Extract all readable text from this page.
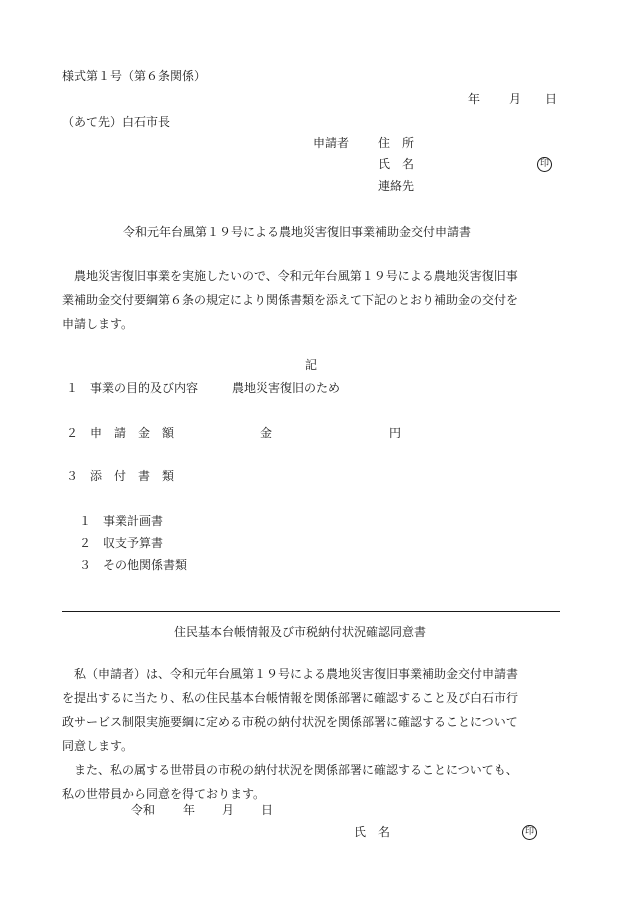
様式第１号（第６条関係）
年 月 日
（あて先）白石市長
申請者 住　所
氏　名	印
連絡先
令和元年台風第１９号による農地災害復旧事業補助金交付申請書
　農地災害復旧事業を実施したいので、令和元年台風第１９号による農地災害復旧事
業補助金交付要綱第６条の規定により関係書類を添えて下記のとおり補助金の交付を
申請します。
記
１　事業の目的及び内容	農地災害復旧のため
２　申　請　金　額	金	円
３　添　付　書　類
１　事業計画書
２　収支予算書
３　その他関係書類
住民基本台帳情報及び市税納付状況確認同意書
　私（申請者）は、令和元年台風第１９号による農地災害復旧事業補助金交付申請書
を提出するに当たり、私の住民基本台帳情報を関係部署に確認すること及び白石市行
政サービス制限実施要綱に定める市税の納付状況を関係部署に確認することについて
同意します。
　また、私の属する世帯員の市税の納付状況を関係部署に確認することについても、
私の世帯員から同意を得ております。
令和 年 月 日
氏　名	印
